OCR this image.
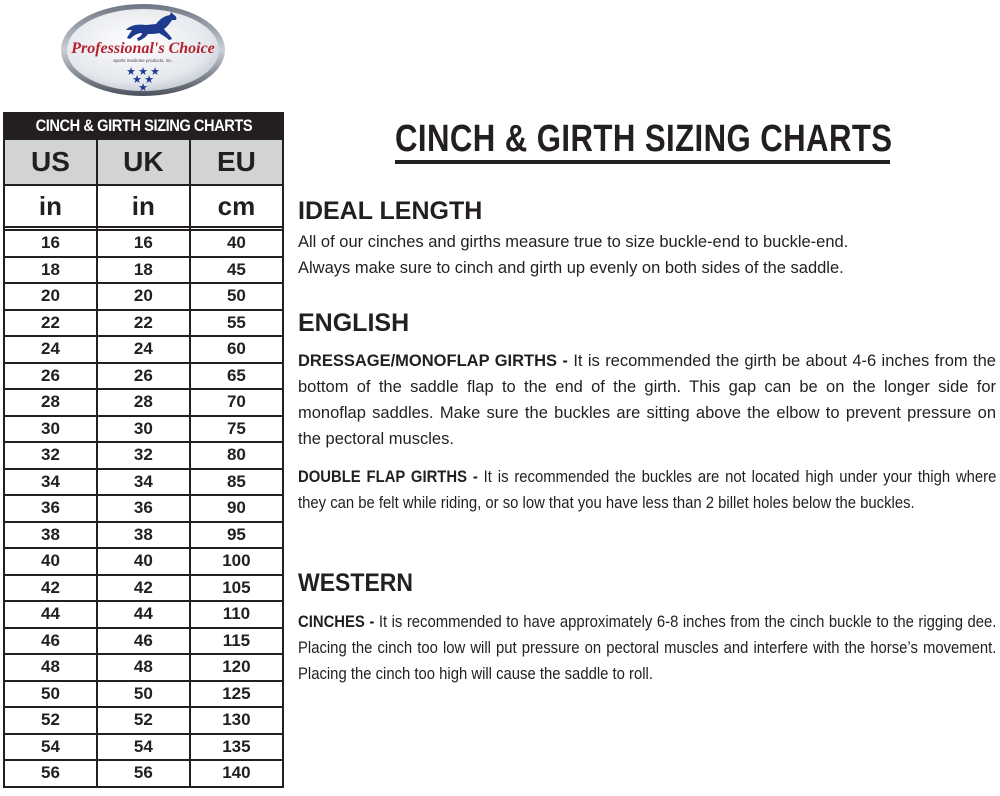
Professional's Choice
sports medicine products, inc.
★ ★ ★
★ ★
★
CINCH & GIRTH SIZING CHARTS		
US	UK	EU
in	in	cm

16	16	40
18	18	45
20	20	50
22	22	55
24	24	60
26	26	65
28	28	70
30	30	75
32	32	80
34	34	85
36	36	90
38	38	95
40	40	100
42	42	105
44	44	110
46	46	115
48	48	120
50	50	125
52	52	130
54	54	135
56	56	140
CINCH & GIRTH SIZING CHARTS
IDEAL LENGTH
All of our cinches and girths measure true to size buckle-end to buckle-end.
Always make sure to cinch and girth up evenly on both sides of the saddle.
ENGLISH
DRESSAGE/MONOFLAP GIRTHS - It is recommended the girth be about 4-6 inches from the bottom of the saddle flap to the end of the girth. This gap can be on the longer side for monoflap saddles. Make sure the buckles are sitting above the elbow to prevent pressure on the pectoral muscles.
DOUBLE FLAP GIRTHS - It is recommended the buckles are not located high under your thigh where they can be felt while riding, or so low that you have less than 2 billet holes below the buckles.
WESTERN
CINCHES - It is recommended to have approximately 6-8 inches from the cinch buckle to the rigging dee. Placing the cinch too low will put pressure on pectoral muscles and interfere with the horse’s movement. Placing the cinch too high will cause the saddle to roll.
